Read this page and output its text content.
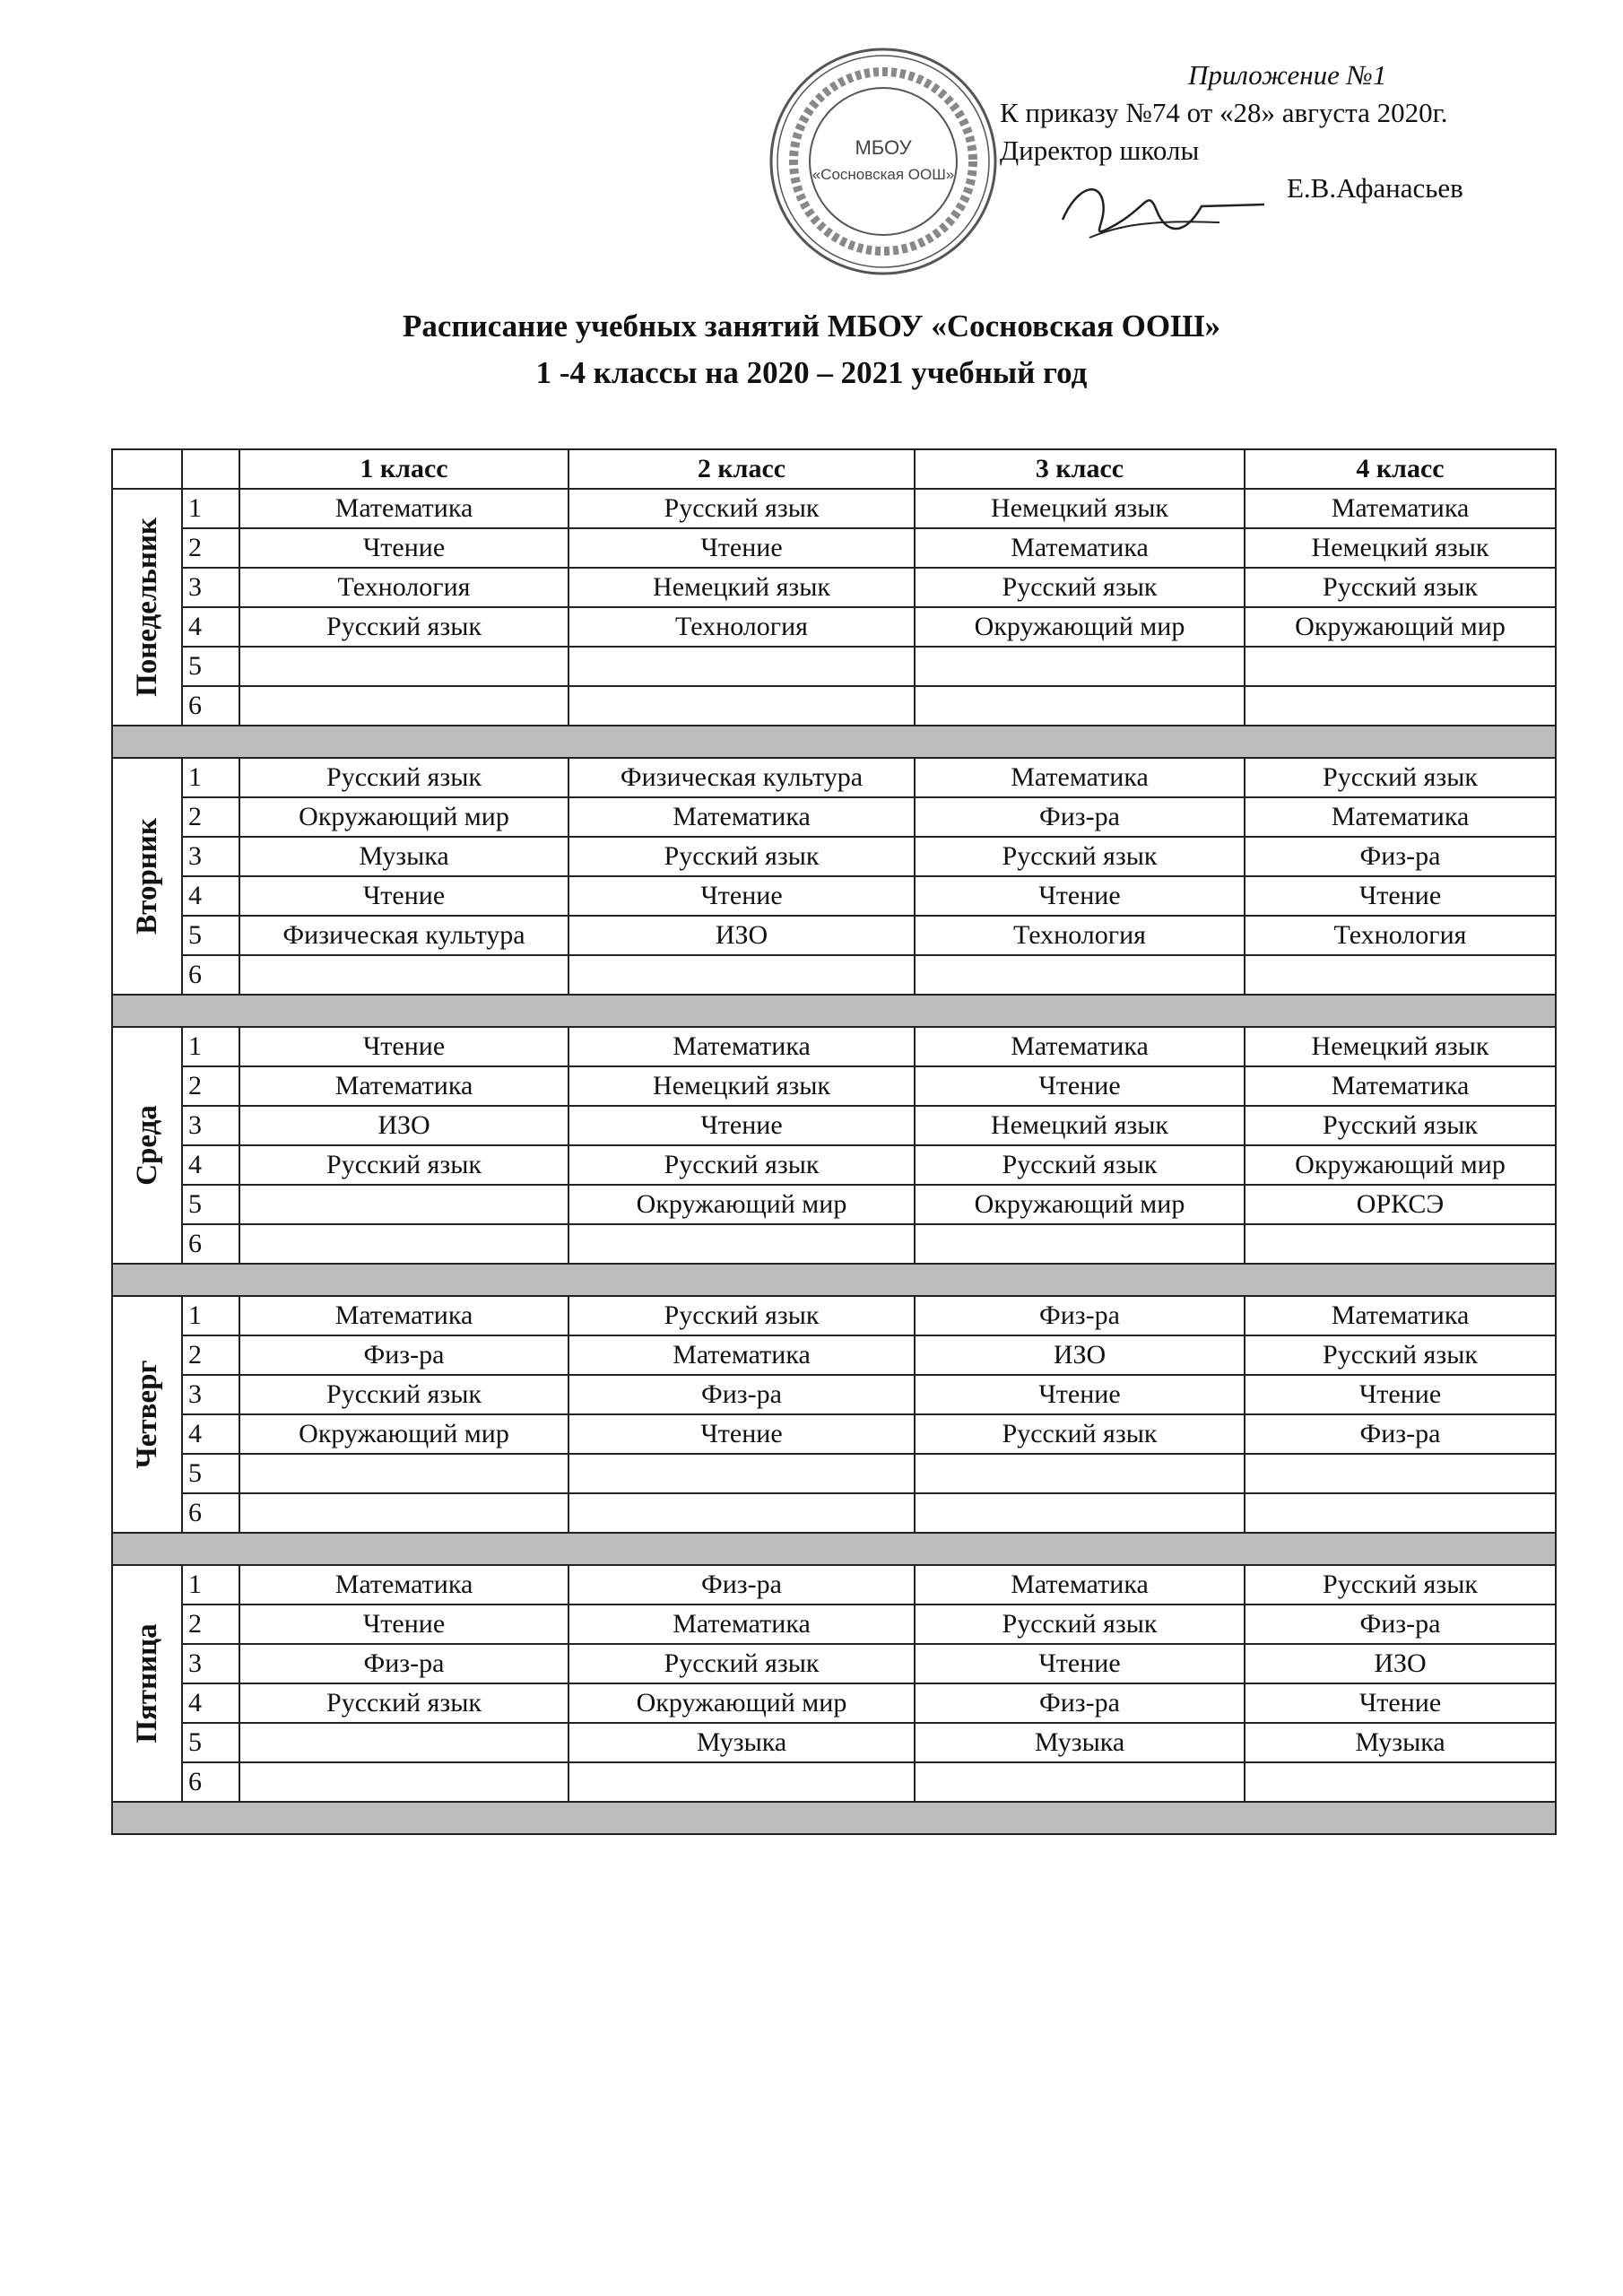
Приложение №1
К приказу №74 от «28» августа 2020г.
Директор школы
Е.В.Афанасьев
МБОУ
«Сосновская ООШ»
Расписание учебных занятий МБОУ «Сосновская ООШ»
1 -4 классы на 2020 – 2021 учебный год
		1 класс	2 класс	3 класс	4 класс

Понедельник	1	Математика	Русский язык	Немецкий язык	Математика
	2	Чтение	Чтение	Математика	Немецкий язык
	3	Технология	Немецкий язык	Русский язык	Русский язык
	4	Русский язык	Технология	Окружающий мир	Окружающий мир
	5				
	6				

Вторник	1	Русский язык	Физическая культура	Математика	Русский язык
	2	Окружающий мир	Математика	Физ-ра	Математика
	3	Музыка	Русский язык	Русский язык	Физ-ра
	4	Чтение	Чтение	Чтение	Чтение
	5	Физическая культура	ИЗО	Технология	Технология
	6				

Среда	1	Чтение	Математика	Математика	Немецкий язык
	2	Математика	Немецкий язык	Чтение	Математика
	3	ИЗО	Чтение	Немецкий язык	Русский язык
	4	Русский язык	Русский язык	Русский язык	Окружающий мир
	5		Окружающий мир	Окружающий мир	ОРКСЭ
	6				

Четверг	1	Математика	Русский язык	Физ-ра	Математика
	2	Физ-ра	Математика	ИЗО	Русский язык
	3	Русский язык	Физ-ра	Чтение	Чтение
	4	Окружающий мир	Чтение	Русский язык	Физ-ра
	5				
	6				

Пятница	1	Математика	Физ-ра	Математика	Русский язык
	2	Чтение	Математика	Русский язык	Физ-ра
	3	Физ-ра	Русский язык	Чтение	ИЗО
	4	Русский язык	Окружающий мир	Физ-ра	Чтение
	5		Музыка	Музыка	Музыка
	6				
